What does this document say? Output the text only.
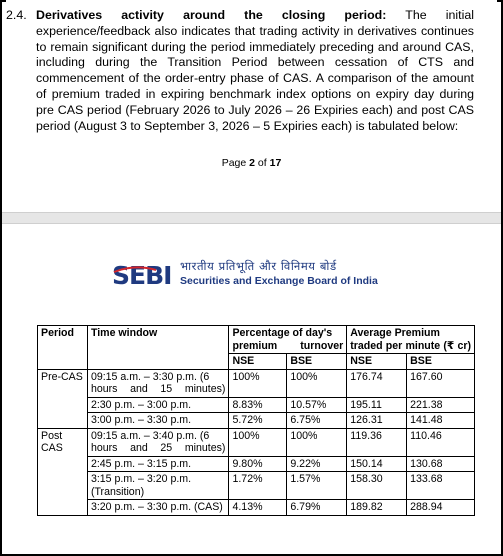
2.4. Derivatives activity around the closing period: The initial experience/feedback also indicates that trading activity in derivatives continues to remain significant during the period immediately preceding and around CAS, including during the Transition Period between cessation of CTS and commencement of the order-entry phase of CAS. A comparison of the amount of premium traded in expiring benchmark index options on expiry day during pre CAS period (February 2026 to July 2026 – 26 Expiries each) and post CAS period (August 3 to September 3, 2026 – 5 Expiries each) is tabulated below:
Page 2 of 17
SEBI भारतीय प्रतिभूति और विनिमय बोर्ड
Securities and Exchange Board of India
Period	Time window	Percentage of day's premium turnover		Average Premium traded per minute (₹ cr)	
		NSE	BSE	NSE	BSE
Pre-CAS	09:15 a.m. – 3:30 p.m. (6 hours and 15 minutes)	100%	100%	176.74	167.60
	2:30 p.m. – 3:00 p.m.	8.83%	10.57%	195.11	221.38
	3:00 p.m. – 3:30 p.m.	5.72%	6.75%	126.31	141.48
Post CAS	09:15 a.m. – 3:40 p.m. (6 hours and 25 minutes)	100%	100%	119.36	110.46
	2:45 p.m. – 3:15 p.m.	9.80%	9.22%	150.14	130.68
	3:15 p.m. – 3:20 p.m. (Transition)	1.72%	1.57%	158.30	133.68
	3:20 p.m. – 3:30 p.m. (CAS)	4.13%	6.79%	189.82	288.94
